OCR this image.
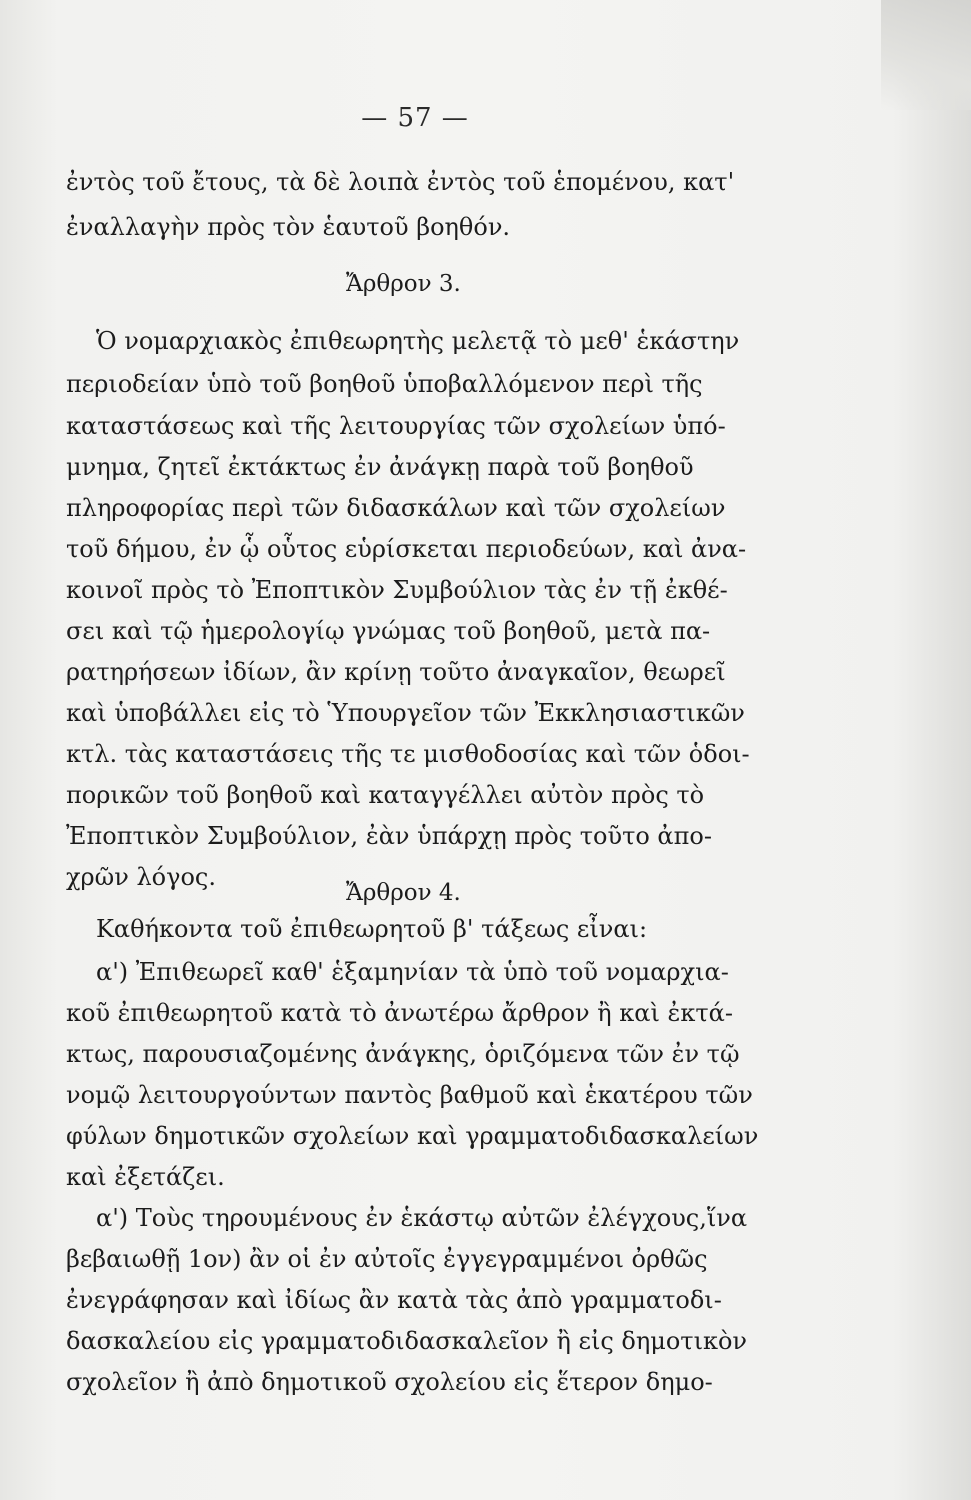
— 57 —
ἐντὸς τοῦ ἔτους, τὰ δὲ λοιπὰ ἐντὸς τοῦ ἑπομένου, κατ'
ἐναλλαγὴν πρὸς τὸν ἑαυτοῦ βοηθόν.
Ἄρθρον 3.
Ὁ νομαρχιακὸς ἐπιθεωρητὴς μελετᾷ τὸ μεθ' ἑκάστην
περιοδείαν ὑπὸ τοῦ βοηθοῦ ὑποβαλλόμενον περὶ τῆς
καταστάσεως καὶ τῆς λειτουργίας τῶν σχολείων ὑπό-
μνημα, ζητεῖ ἐκτάκτως ἐν ἀνάγκῃ παρὰ τοῦ βοηθοῦ
πληροφορίας περὶ τῶν διδασκάλων καὶ τῶν σχολείων
τοῦ δήμου, ἐν ᾧ οὗτος εὑρίσκεται περιοδεύων, καὶ ἀνα-
κοινοῖ πρὸς τὸ Ἐποπτικὸν Συμβούλιον τὰς ἐν τῇ ἐκθέ-
σει καὶ τῷ ἡμερολογίῳ γνώμας τοῦ βοηθοῦ, μετὰ πα-
ρατηρήσεων ἰδίων, ἂν κρίνῃ τοῦτο ἀναγκαῖον, θεωρεῖ
καὶ ὑποβάλλει εἰς τὸ Ὑπουργεῖον τῶν Ἐκκλησιαστικῶν
κτλ. τὰς καταστάσεις τῆς τε μισθοδοσίας καὶ τῶν ὁδοι-
πορικῶν τοῦ βοηθοῦ καὶ καταγγέλλει αὐτὸν πρὸς τὸ
Ἐποπτικὸν Συμβούλιον, ἐὰν ὑπάρχῃ πρὸς τοῦτο ἀπο-
χρῶν λόγος.
Ἄρθρον 4.
Καθήκοντα τοῦ ἐπιθεωρητοῦ β' τάξεως εἶναι:
α') Ἐπιθεωρεῖ καθ' ἑξαμηνίαν τὰ ὑπὸ τοῦ νομαρχια-
κοῦ ἐπιθεωρητοῦ κατὰ τὸ ἀνωτέρω ἄρθρον ἢ καὶ ἐκτά-
κτως, παρουσιαζομένης ἀνάγκης, ὁριζόμενα τῶν ἐν τῷ
νομῷ λειτουργούντων παντὸς βαθμοῦ καὶ ἑκατέρου τῶν
φύλων δημοτικῶν σχολείων καὶ γραμματοδιδασκαλείων
καὶ ἐξετάζει.
α') Τοὺς τηρουμένους ἐν ἑκάστῳ αὐτῶν ἐλέγχους,ἵνα
βεβαιωθῇ 1ον) ἂν οἱ ἐν αὐτοῖς ἐγγεγραμμένοι ὀρθῶς
ἐνεγράφησαν καὶ ἰδίως ἂν κατὰ τὰς ἀπὸ γραμματοδι-
δασκαλείου εἰς γραμματοδιδασκαλεῖον ἢ εἰς δημοτικὸν
σχολεῖον ἢ ἀπὸ δημοτικοῦ σχολείου εἰς ἕτερον δημο-
